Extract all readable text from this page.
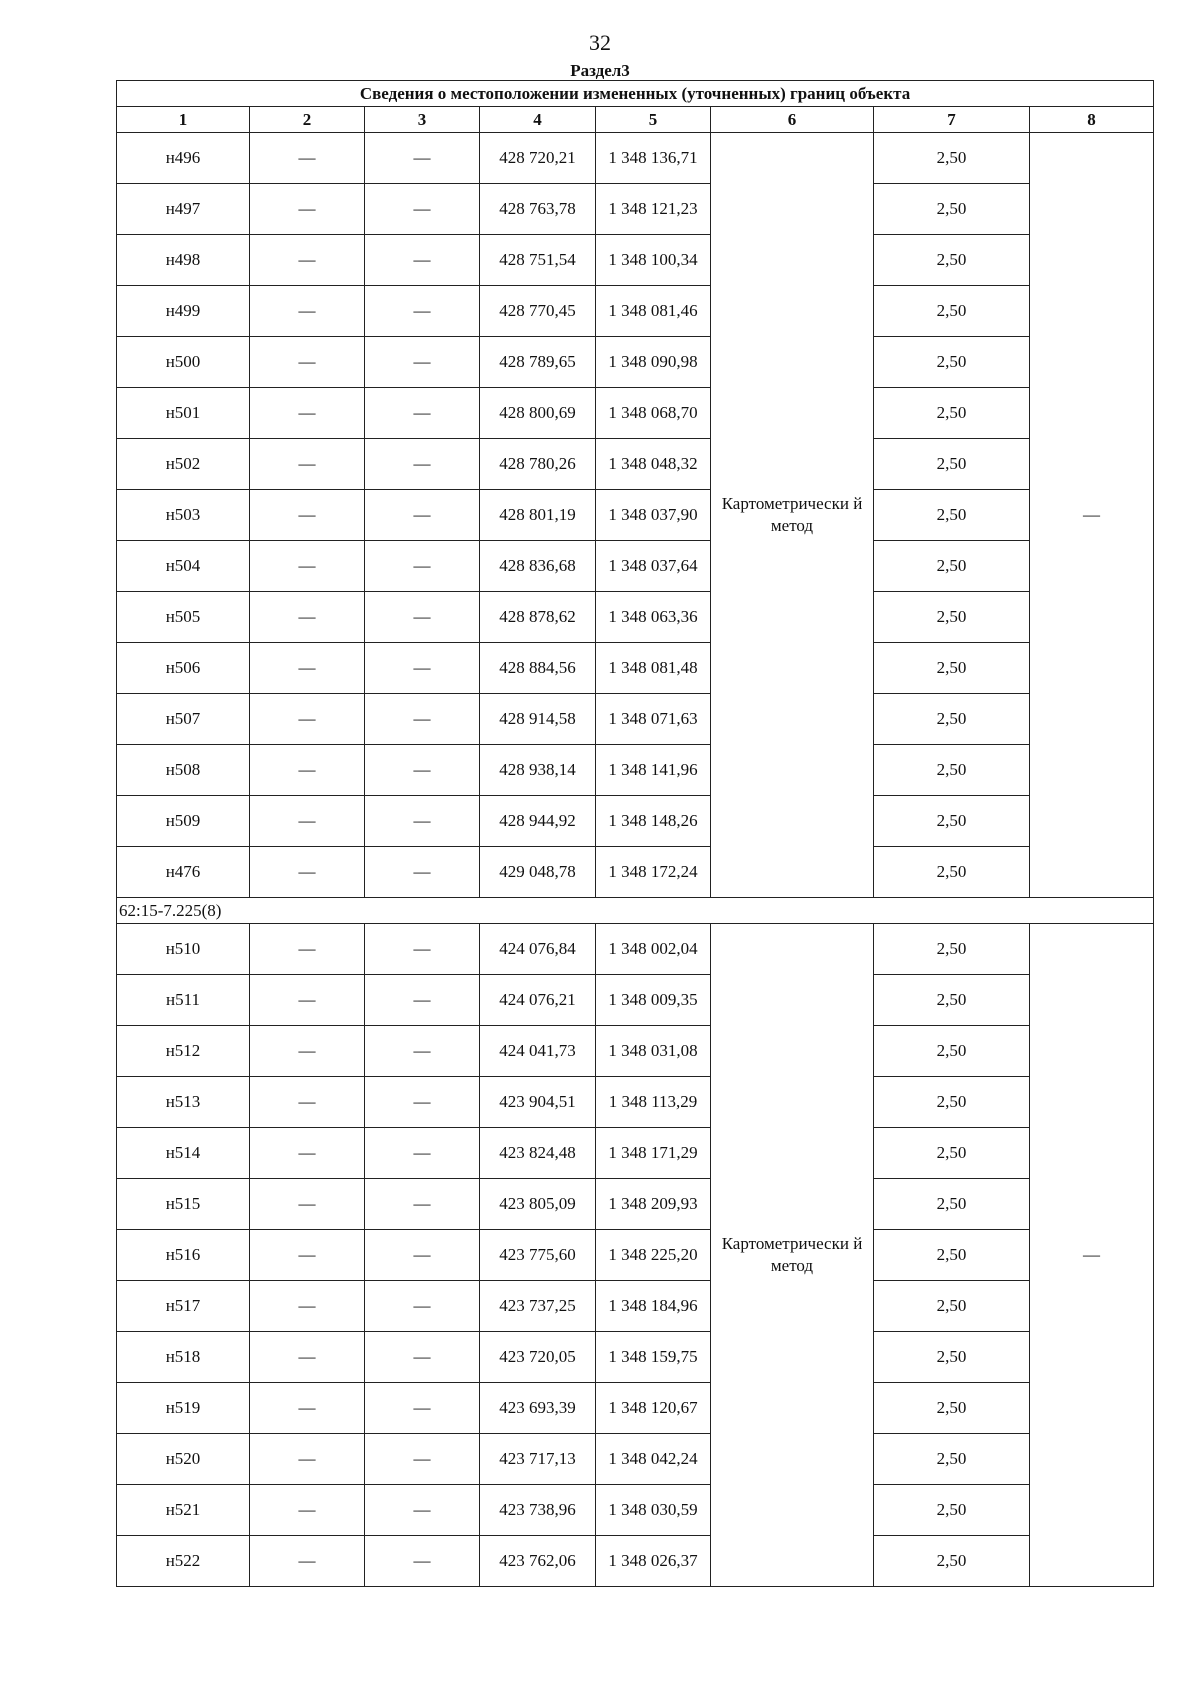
32
Раздел3
Сведения о местоположении измененных (уточненных) границ объекта							
1	2	3	4	5	6	7	8
н496	—	—	428 720,21	1 348 136,71	Картометрически й метод	2,50	—
н497	—	—	428 763,78	1 348 121,23		2,50	
н498	—	—	428 751,54	1 348 100,34		2,50	
н499	—	—	428 770,45	1 348 081,46		2,50	
н500	—	—	428 789,65	1 348 090,98		2,50	
н501	—	—	428 800,69	1 348 068,70		2,50	
н502	—	—	428 780,26	1 348 048,32		2,50	
н503	—	—	428 801,19	1 348 037,90		2,50	
н504	—	—	428 836,68	1 348 037,64		2,50	
н505	—	—	428 878,62	1 348 063,36		2,50	
н506	—	—	428 884,56	1 348 081,48		2,50	
н507	—	—	428 914,58	1 348 071,63		2,50	
н508	—	—	428 938,14	1 348 141,96		2,50	
н509	—	—	428 944,92	1 348 148,26		2,50	
н476	—	—	429 048,78	1 348 172,24		2,50	
62:15-7.225(8)							
н510	—	—	424 076,84	1 348 002,04	Картометрически й метод	2,50	—
н511	—	—	424 076,21	1 348 009,35		2,50	
н512	—	—	424 041,73	1 348 031,08		2,50	
н513	—	—	423 904,51	1 348 113,29		2,50	
н514	—	—	423 824,48	1 348 171,29		2,50	
н515	—	—	423 805,09	1 348 209,93		2,50	
н516	—	—	423 775,60	1 348 225,20		2,50	
н517	—	—	423 737,25	1 348 184,96		2,50	
н518	—	—	423 720,05	1 348 159,75		2,50	
н519	—	—	423 693,39	1 348 120,67		2,50	
н520	—	—	423 717,13	1 348 042,24		2,50	
н521	—	—	423 738,96	1 348 030,59		2,50	
н522	—	—	423 762,06	1 348 026,37		2,50	
